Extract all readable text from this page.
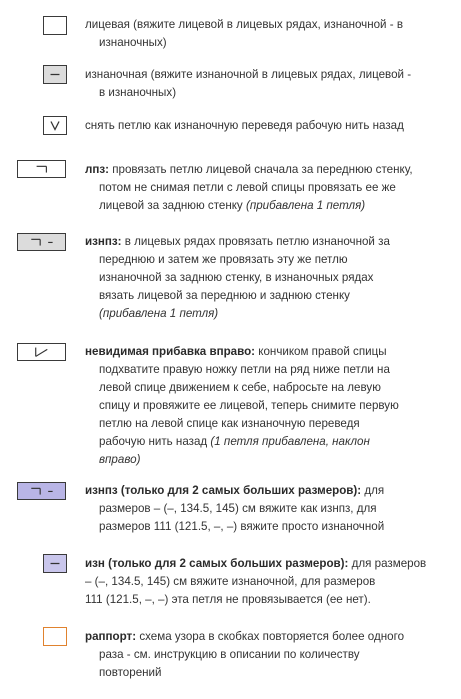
лицевая (вяжите лицевой в лицевых рядах, изнаночной - в
изнаночных)
изнаночная (вяжите изнаночной в лицевых рядах, лицевой -
в изнаночных)
снять петлю как изнаночную переведя рабочую нить назад
лпз: провязать петлю лицевой сначала за переднюю стенку,
потом не снимая петли с левой спицы провязать ее же
лицевой за заднюю стенку (прибавлена 1 петля)
изнпз: в лицевых рядах провязать петлю изнаночной за
переднюю и затем же провязать эту же петлю
изнаночной за заднюю стенку, в изнаночных рядах
вязать лицевой за переднюю и заднюю стенку
(прибавлена 1 петля)
невидимая прибавка вправо: кончиком правой спицы
подхватите правую ножку петли на ряд ниже петли на
левой спице движением к себе, набросьте на левую
спицу и провяжите ее лицевой, теперь снимите первую
петлю на левой спице как изнаночную переведя
рабочую нить назад (1 петля прибавлена, наклон
вправо)
изнпз (только для 2 самых больших размеров): для
размеров – (–, 134.5, 145) см вяжите как изнпз, для
размеров 111 (121.5, –, –) вяжите просто изнаночной
изн (только для 2 самых больших размеров): для размеров
– (–, 134.5, 145) см вяжите изнаночной, для размеров
111 (121.5, –, –) эта петля не провязывается (ее нет).
раппорт: схема узора в скобках повторяется более одного
раза - см. инструкцию в описании по количеству
повторений
